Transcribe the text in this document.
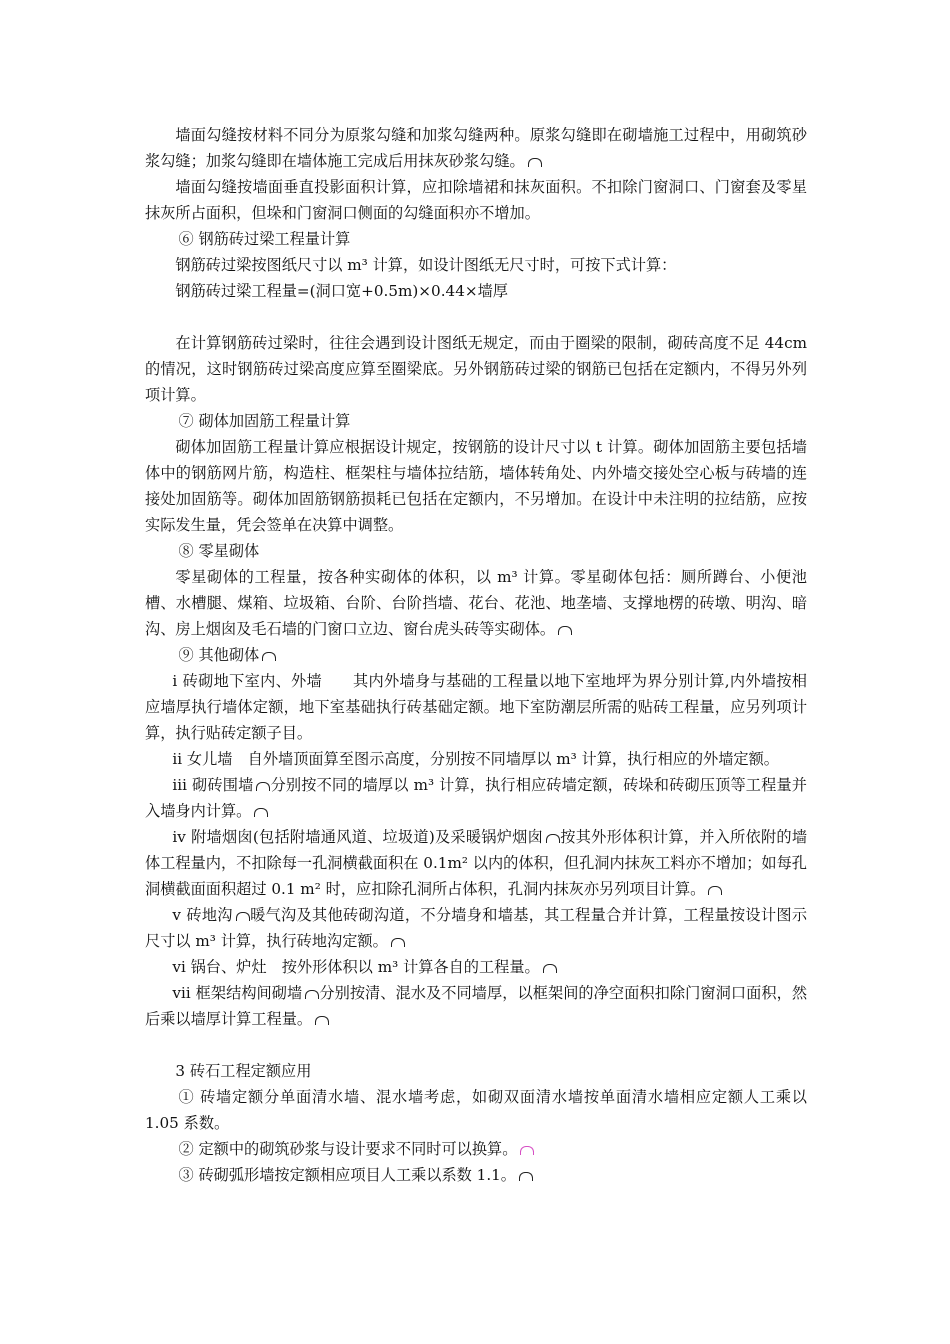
墙面勾缝按材料不同分为原浆勾缝和加浆勾缝两种。原浆勾缝即在砌墙施工过程中，用砌筑砂浆勾缝；加浆勾缝即在墙体施工完成后用抹灰砂浆勾缝。

墙面勾缝按墙面垂直投影面积计算，应扣除墙裙和抹灰面积。不扣除门窗洞口、门窗套及零星抹灰所占面积，但垛和门窗洞口侧面的勾缝面积亦不增加。

⑥ 钢筋砖过梁工程量计算

钢筋砖过梁按图纸尺寸以 m³ 计算，如设计图纸无尺寸时，可按下式计算：

钢筋砖过梁工程量=(洞口宽+0.5m)×0.44×墙厚

在计算钢筋砖过梁时，往往会遇到设计图纸无规定，而由于圈梁的限制，砌砖高度不足 44cm 的情况，这时钢筋砖过梁高度应算至圈梁底。另外钢筋砖过梁的钢筋已包括在定额内，不得另外列项计算。

⑦ 砌体加固筋工程量计算

砌体加固筋工程量计算应根据设计规定，按钢筋的设计尺寸以 t 计算。砌体加固筋主要包括墙体中的钢筋网片筋，构造柱、框架柱与墙体拉结筋，墙体转角处、内外墙交接处空心板与砖墙的连接处加固筋等。砌体加固筋钢筋损耗已包括在定额内，不另增加。在设计中未注明的拉结筋，应按实际发生量，凭会签单在决算中调整。

⑧ 零星砌体

零星砌体的工程量，按各种实砌体的体积，以 m³ 计算。零星砌体包括：厕所蹲台、小便池槽、水槽腿、煤箱、垃圾箱、台阶、台阶挡墙、花台、花池、地垄墙、支撑地楞的砖墩、明沟、暗沟、房上烟囱及毛石墙的门窗口立边、窗台虎头砖等实砌体。

⑨ 其他砌体

ⅰ 砖砌地下室内、外墙　　其内外墙身与基础的工程量以地下室地坪为界分别计算,内外墙按相应墙厚执行墙体定额，地下室基础执行砖基础定额。地下室防潮层所需的贴砖工程量，应另列项计算，执行贴砖定额子目。

ⅱ 女儿墙　自外墙顶面算至图示高度，分别按不同墙厚以 m³ 计算，执行相应的外墙定额。

ⅲ 砌砖围墙 分别按不同的墙厚以 m³ 计算，执行相应砖墙定额，砖垛和砖砌压顶等工程量并入墙身内计算。

ⅳ 附墙烟囱(包括附墙通风道、垃圾道)及采暖锅炉烟囱 按其外形体积计算，并入所依附的墙体工程量内，不扣除每一孔洞横截面积在 0.1m² 以内的体积，但孔洞内抹灰工料亦不增加；如每孔洞横截面面积超过 0.1 m² 时，应扣除孔洞所占体积，孔洞内抹灰亦另列项目计算。

ⅴ 砖地沟 暖气沟及其他砖砌沟道，不分墙身和墙基，其工程量合并计算，工程量按设计图示尺寸以 m³ 计算，执行砖地沟定额。

ⅵ 锅台、炉灶　按外形体积以 m³ 计算各自的工程量。

ⅶ 框架结构间砌墙 分别按清、混水及不同墙厚，以框架间的净空面积扣除门窗洞口面积，然后乘以墙厚计算工程量。

3 砖石工程定额应用

① 砖墙定额分单面清水墙、混水墙考虑，如砌双面清水墙按单面清水墙相应定额人工乘以 1.05 系数。

② 定额中的砌筑砂浆与设计要求不同时可以换算。

③ 砖砌弧形墙按定额相应项目人工乘以系数 1.1。
